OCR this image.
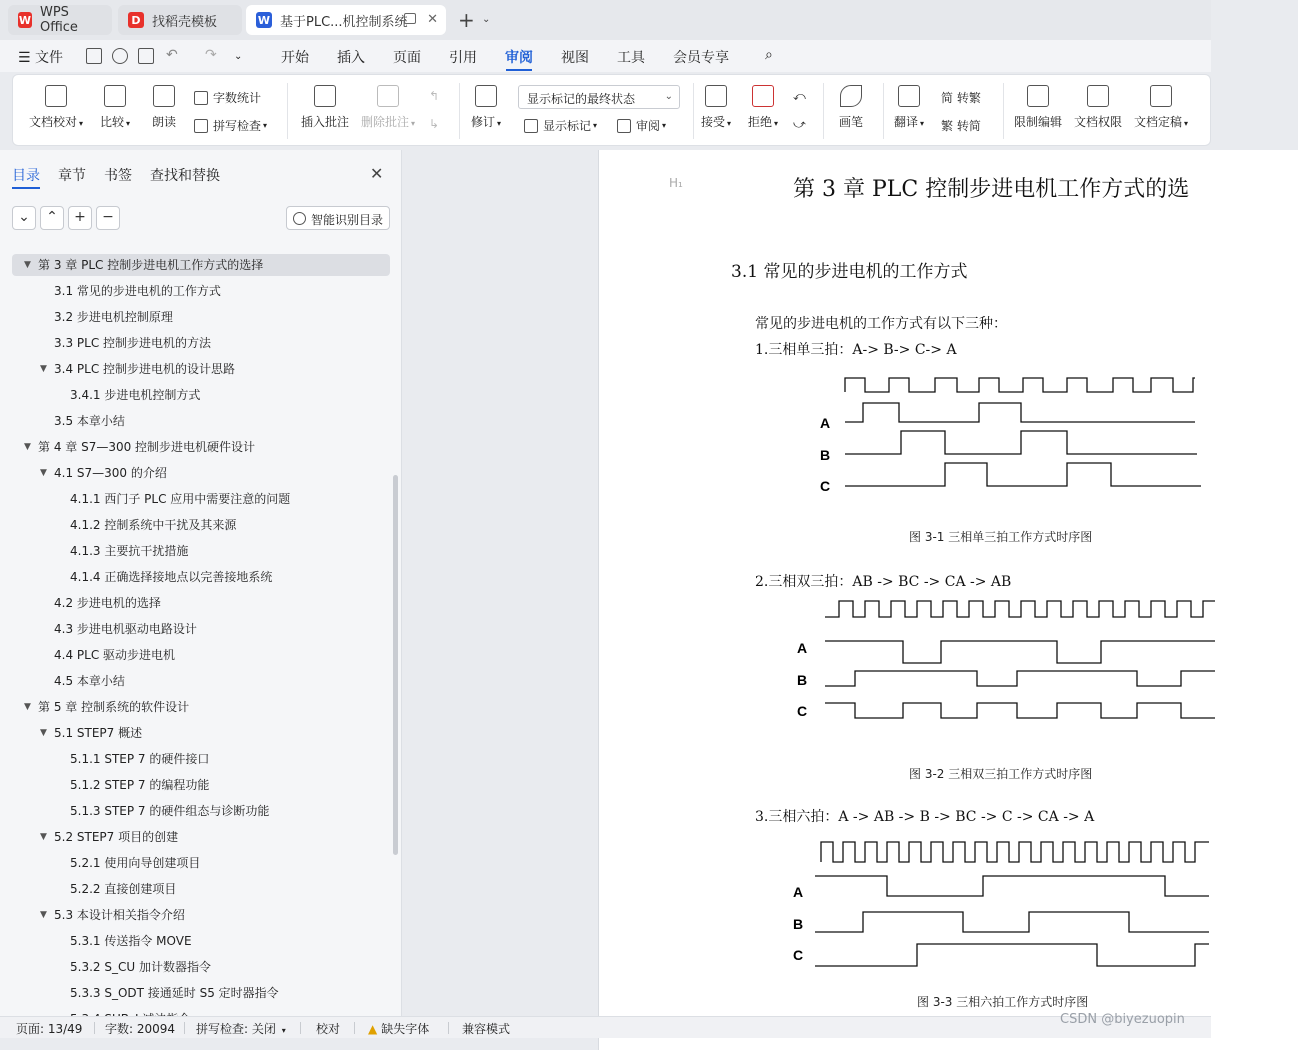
W WPS Office	D 找稻壳模板	W 基于PLC...机控制系统 ✕ + ⌄
☰ 文件	↶ ↷ ⌄	开始 插入 页面 引用 审阅 视图 工具 会员专享	⌕
文档校对 ▾ 比较 ▾ 朗读
字数统计
拼写检查 ▾	插入批注 删除批注 ▾
↰
↳	修订 ▾
显示标记的最终状态	⌄
显示标记 ▾	审阅 ▾	接受 ▾ 拒绝 ▾
⤺
⤻	画笔	翻译 ▾
简 转繁
繁 转简	限制编辑 文档权限 文档定稿 ▾
目录 章节 书签 查找和替换	✕
⌄	⌃	+	−	智能识别目录
第 3 章 PLC 控制步进电机工作方式的选择
▼
3.1 常见的步进电机的工作方式
3.2 步进电机控制原理
3.3 PLC 控制步进电机的方法
3.4 PLC 控制步进电机的设计思路
▼
3.4.1 步进电机控制方式
3.5 本章小结
第 4 章 S7—300 控制步进电机硬件设计
▼
4.1 S7—300 的介绍
▼
4.1.1 西门子 PLC 应用中需要注意的问题
4.1.2 控制系统中干扰及其来源
4.1.3 主要抗干扰措施
4.1.4 正确选择接地点以完善接地系统
4.2 步进电机的选择
4.3 步进电机驱动电路设计
4.4 PLC 驱动步进电机
4.5 本章小结
第 5 章 控制系统的软件设计
▼
5.1 STEP7 概述
▼
5.1.1 STEP 7 的硬件接口
5.1.2 STEP 7 的编程功能
5.1.3 STEP 7 的硬件组态与诊断功能
5.2 STEP7 项目的创建
▼
5.2.1 使用向导创建项目
5.2.2 直接创建项目
5.3 本设计相关指令介绍
▼
5.3.1 传送指令 MOVE
5.3.2 S_CU 加计数器指令
5.3.3 S_ODT 接通延时 S5 定时器指令
H₁	第 3 章 PLC 控制步进电机工作方式的选
3.1 常见的步进电机的工作方式
常见的步进电机的工作方式有以下三种：
1.三相单三拍：A-> B-> C-> A
A
B
C
图 3-1 三相单三拍工作方式时序图
2.三相双三拍：AB -> BC -> CA -> AB
A
B
C
图 3-2 三相双三拍工作方式时序图
3.三相六拍：A -> AB -> B -> BC -> C -> CA -> A
A
B
C
图 3-3 三相六拍工作方式时序图
页面: 13/49 字数: 20094 拼写检查: 关闭 ▾	校对 ▲ 缺失字体	兼容模式
CSDN @biyezuopin
